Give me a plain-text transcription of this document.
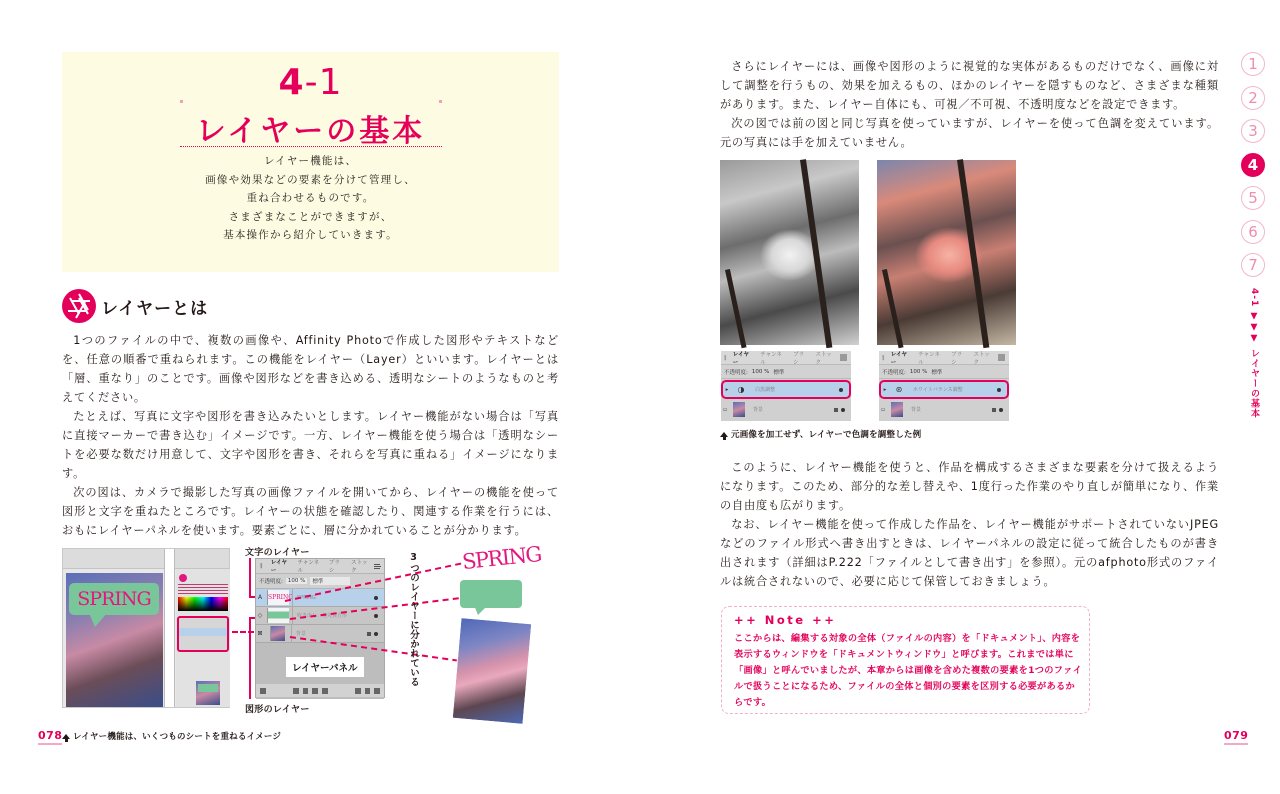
4-1
レイヤーの基本
レイヤー機能は、
画像や効果などの要素を分けて管理し、
重ね合わせるものです。
さまざまなことができますが、
基本操作から紹介していきます。
レイヤーとは

1つのファイルの中で、複数の画像や、Affinity Photoで作成した図形やテキストなどを、任意の順番で重ねられます。この機能をレイヤー（Layer）といいます。レイヤーとは「層、重なり」のことです。画像や図形などを書き込める、透明なシートのようなものと考えてください。

たとえば、写真に文字や図形を書き込みたいとします。レイヤー機能がない場合は「写真に直接マーカーで書き込む」イメージです。一方、レイヤー機能を使う場合は「透明なシートを必要な数だけ用意して、文字や図形を書き、それらを写真に重ねる」イメージになります。

次の図は、カメラで撮影した写真の画像ファイルを開いてから、レイヤーの機能を使って図形と文字を重ねたところです。レイヤーの状態を確認したり、関連する作業を行うには、おもにレイヤーパネルを使います。要素ごとに、層に分かれていることが分かります。

SPRING
文字のレイヤー
図形のレイヤー
‖	レイヤー
チャンネル
ブラシ
ストック
不透明度: 100 %	標準
A SPRING SPRING
◇	吹き出し：角丸長方形
⊠	背景
レイヤーパネル	3つのレイヤーに分かれている SPRING
078 レイヤー機能は、いくつものシートを重ねるイメージ

さらにレイヤーには、画像や図形のように視覚的な実体があるものだけでなく、画像に対して調整を行うもの、効果を加えるもの、ほかのレイヤーを隠すものなど、さまざまな種類があります。また、レイヤー自体にも、可視／不可視、不透明度などを設定できます。

次の図では前の図と同じ写真を使っていますが、レイヤーを使って色調を変えています。元の写真には手を加えていません。

‖	レイヤー
チャンネル
ブラシ
ストック
不透明度: 100 % 標準
▸	◑	白黒調整
▫	背景
‖	レイヤー
チャンネル
ブラシ
ストック
不透明度: 100 % 標準
▸	⊛	ホワイトバランス調整
▫	背景
元画像を加工せず、レイヤーで色調を調整した例

このように、レイヤー機能を使うと、作品を構成するさまざまな要素を分けて扱えるようになります。このため、部分的な差し替えや、1度行った作業のやり直しが簡単になり、作業の自由度も広がります。

なお、レイヤー機能を使って作成した作品を、レイヤー機能がサポートされていないJPEGなどのファイル形式へ書き出すときは、レイヤーパネルの設定に従って統合したものが書き出されます（詳細はP.222「ファイルとして書き出す」を参照）。元のafphoto形式のファイルは統合されないので、必要に応じて保管しておきましょう。

++ Note ++
ここからは、編集する対象の全体（ファイルの内容）を「ドキュメント」、内容を表示するウィンドウを「ドキュメントウィンドウ」と呼びます。これまでは単に「画像」と呼んでいましたが、本章からは画像を含めた複数の要素を1つのファイルで扱うことになるため、ファイルの全体と個別の要素を区別する必要があるからです。
1
2
3
4
5
6
7
4-1 ▼▼▼ レイヤーの基本
079
